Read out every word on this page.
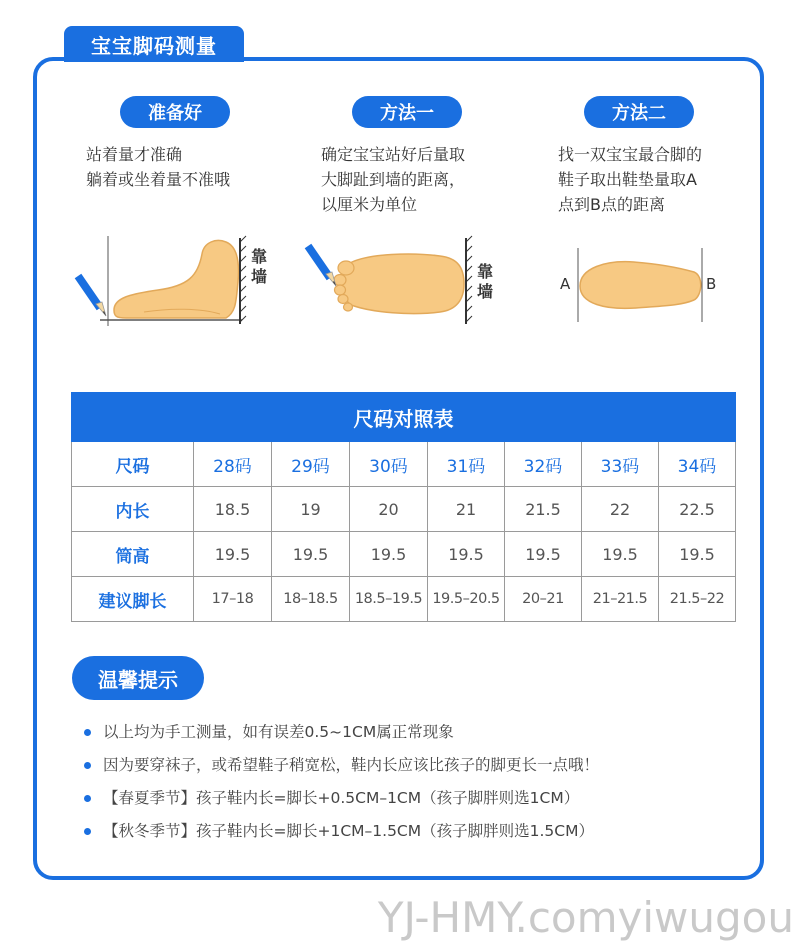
宝宝脚码测量
准备好
站着量才准确
躺着或坐着量不准哦
方法一
确定宝宝站好后量取
大脚趾到墙的距离，
以厘米为单位
方法二
找一双宝宝最合脚的
鞋子取出鞋垫量取A
点到B点的距离
靠
墙	靠
墙	A	B
尺码对照表							
尺码	28码	29码	30码	31码	32码	33码	34码
内长	18.5	19	20	21	21.5	22	22.5
筒高	19.5	19.5	19.5	19.5	19.5	19.5	19.5
建议脚长	17–18	18–18.5	18.5–19.5	19.5–20.5	20–21	21–21.5	21.5–22
温馨提示
以上均为手工测量，如有误差0.5~1CM属正常现象
因为要穿袜子，或希望鞋子稍宽松，鞋内长应该比孩子的脚更长一点哦！
【春夏季节】孩子鞋内长=脚长+0.5CM–1CM（孩子脚胖则选1CM）
【秋冬季节】孩子鞋内长=脚长+1CM–1.5CM（孩子脚胖则选1.5CM）
YJ-HMY.comyiwugou
